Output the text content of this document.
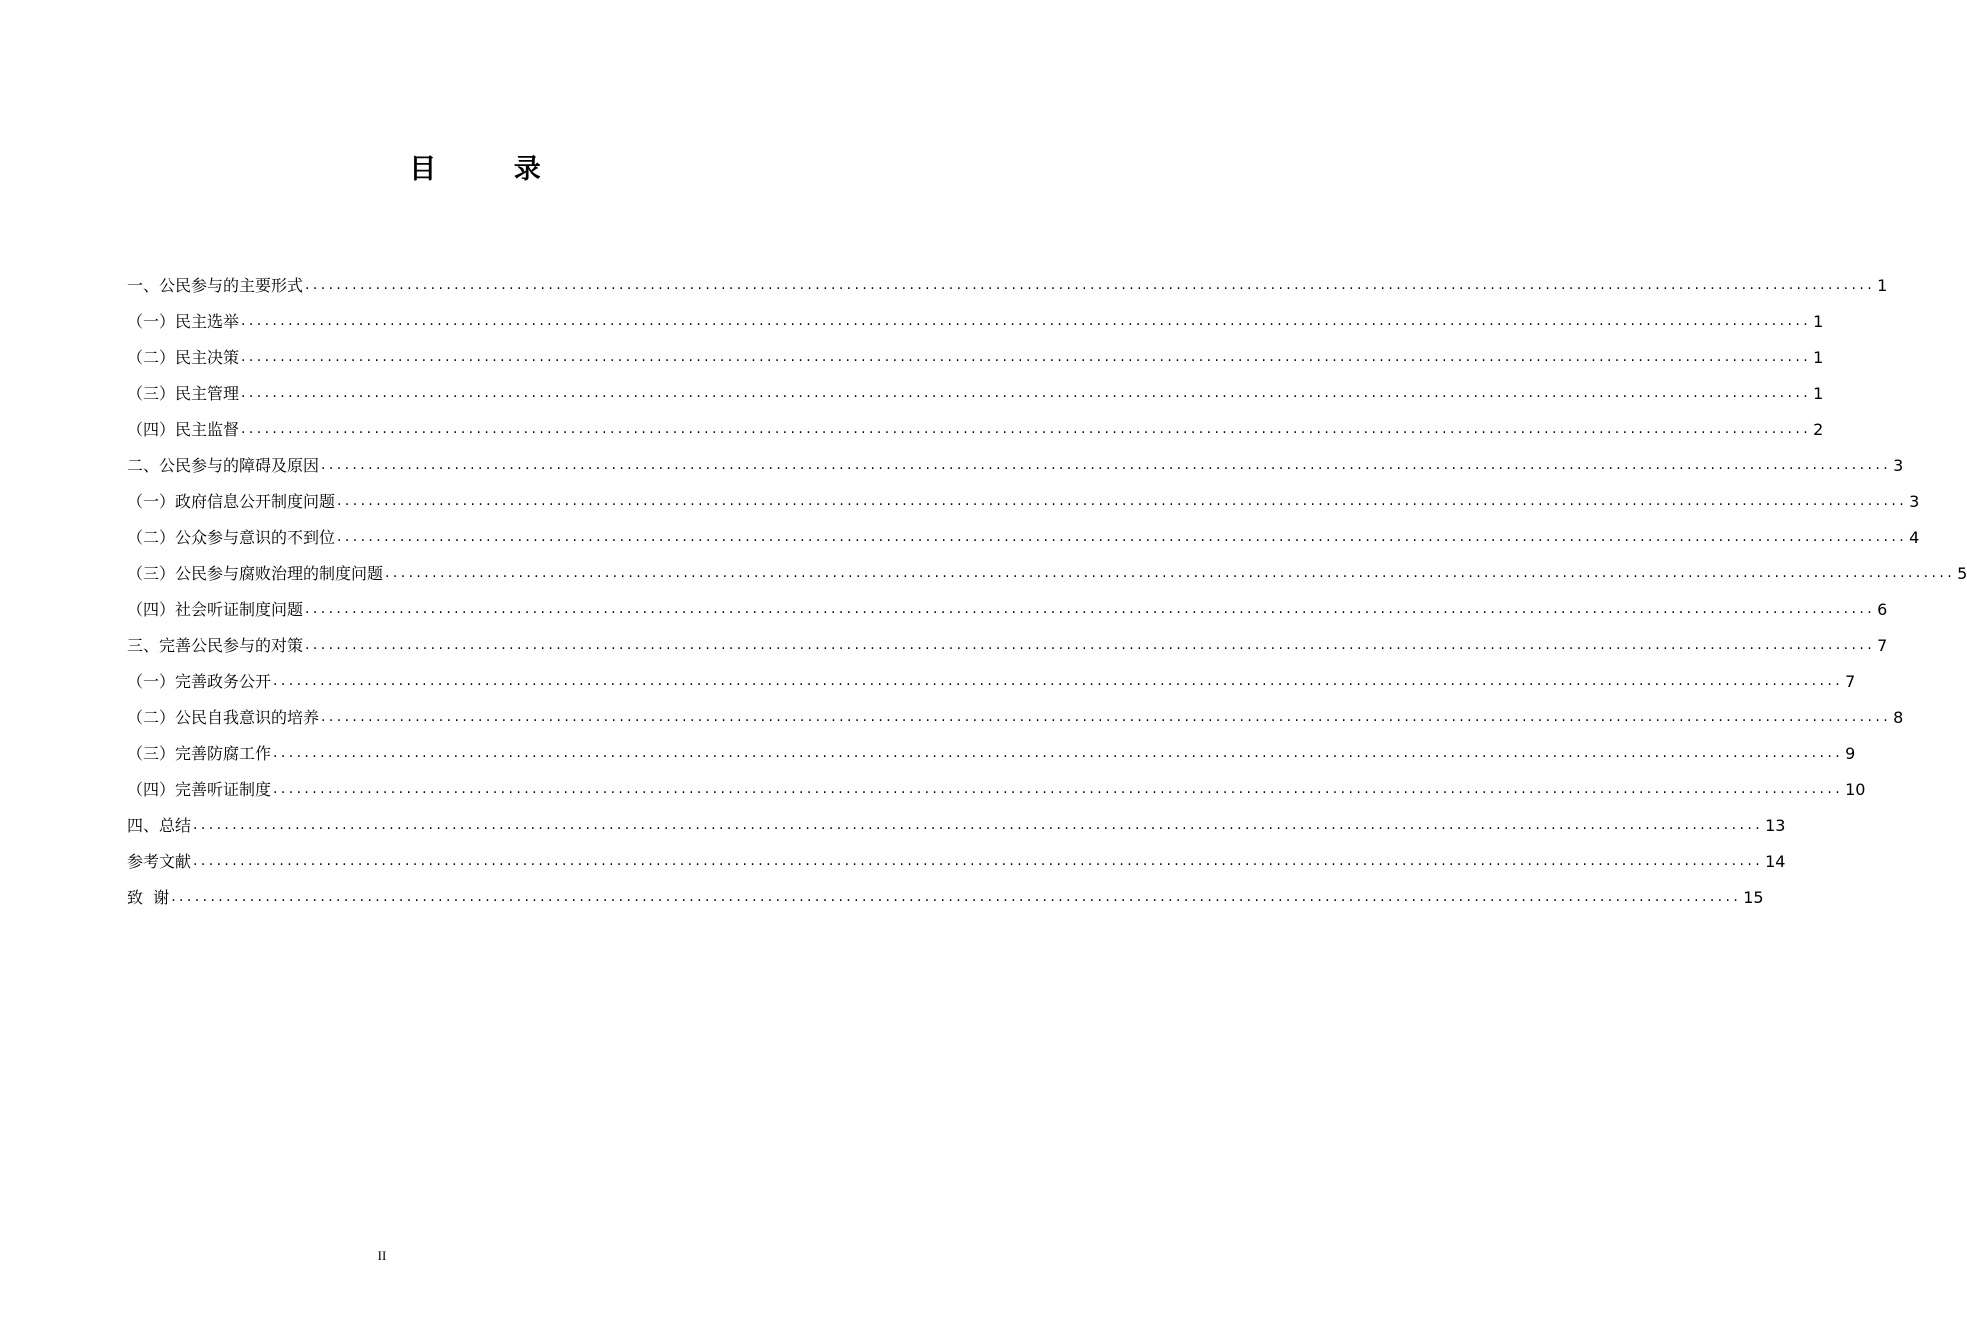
目 录
一、公民参与的主要形式 ........................................................................................................................................................................................................ 1
（一）民主选举 ........................................................................................................................................................................................................ 1
（二）民主决策 ........................................................................................................................................................................................................ 1
（三）民主管理 ........................................................................................................................................................................................................ 1
（四）民主监督 ........................................................................................................................................................................................................ 2
二、公民参与的障碍及原因 ........................................................................................................................................................................................................ 3
（一）政府信息公开制度问题 ........................................................................................................................................................................................................ 3
（二）公众参与意识的不到位 ........................................................................................................................................................................................................ 4
（三）公民参与腐败治理的制度问题 ........................................................................................................................................................................................................ 5
（四）社会听证制度问题 ........................................................................................................................................................................................................ 6
三、完善公民参与的对策 ........................................................................................................................................................................................................ 7
（一）完善政务公开 ........................................................................................................................................................................................................ 7
（二）公民自我意识的培养 ........................................................................................................................................................................................................ 8
（三）完善防腐工作 ........................................................................................................................................................................................................ 9
（四）完善听证制度 ........................................................................................................................................................................................................ 10
四、总结 ........................................................................................................................................................................................................ 13
参考文献 ........................................................................................................................................................................................................ 14
致  谢 ........................................................................................................................................................................................................ 15
II
